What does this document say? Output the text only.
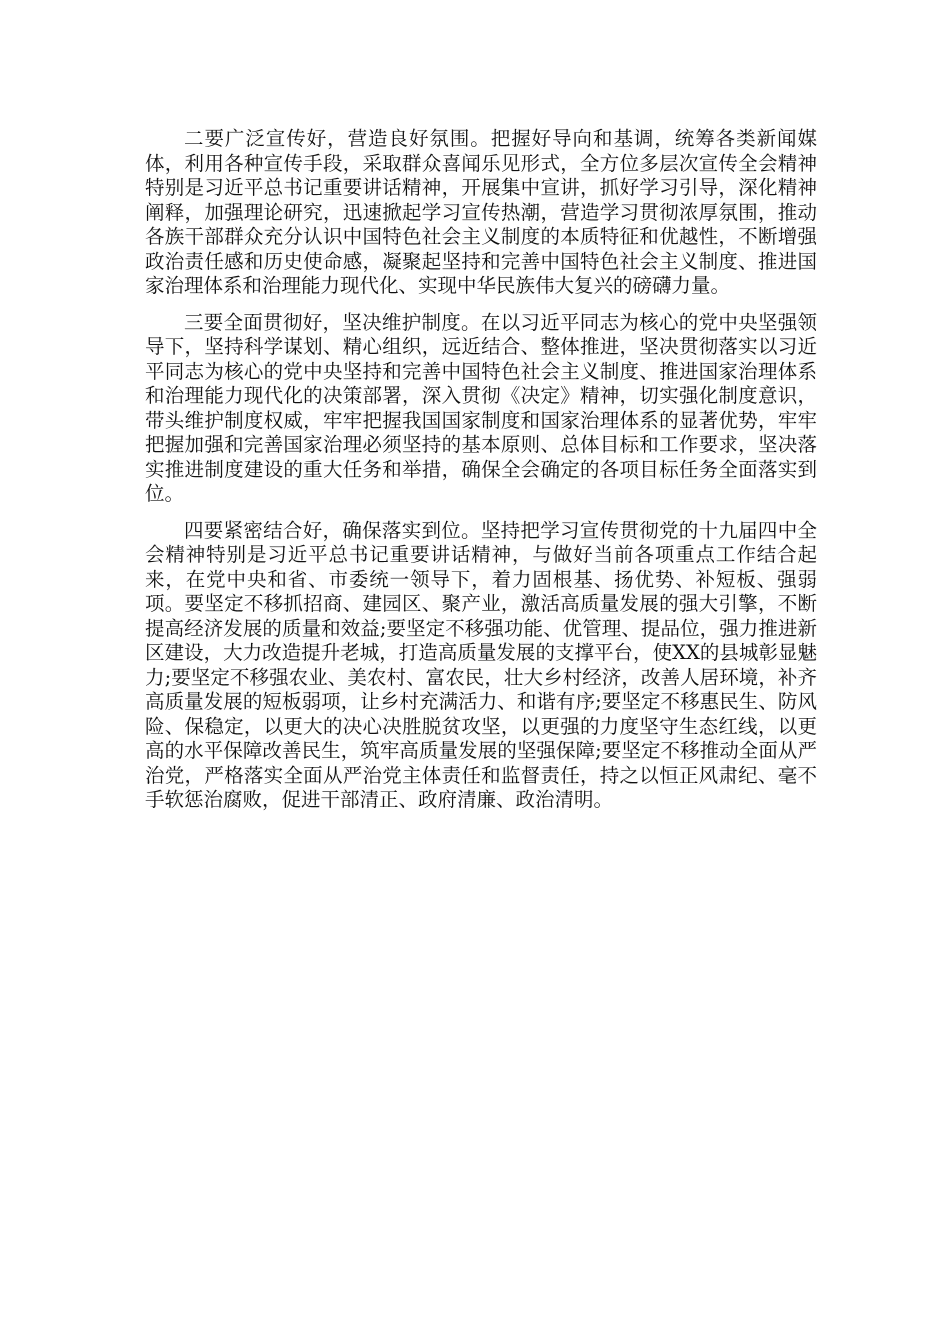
二要广泛宣传好，营造良好氛围。把握好导向和基调，统筹各类新闻媒体，利用各种宣传手段，采取群众喜闻乐见形式，全方位多层次宣传全会精神特别是习近平总书记重要讲话精神，开展集中宣讲，抓好学习引导，深化精神阐释，加强理论研究，迅速掀起学习宣传热潮，营造学习贯彻浓厚氛围，推动各族干部群众充分认识中国特色社会主义制度的本质特征和优越性，不断增强政治责任感和历史使命感，凝聚起坚持和完善中国特色社会主义制度、推进国家治理体系和治理能力现代化、实现中华民族伟大复兴的磅礴力量。

三要全面贯彻好，坚决维护制度。在以习近平同志为核心的党中央坚强领导下，坚持科学谋划、精心组织，远近结合、整体推进，坚决贯彻落实以习近平同志为核心的党中央坚持和完善中国特色社会主义制度、推进国家治理体系和治理能力现代化的决策部署，深入贯彻《决定》精神，切实强化制度意识，带头维护制度权威，牢牢把握我国国家制度和国家治理体系的显著优势，牢牢把握加强和完善国家治理必须坚持的基本原则、总体目标和工作要求，坚决落实推进制度建设的重大任务和举措，确保全会确定的各项目标任务全面落实到位。

四要紧密结合好，确保落实到位。坚持把学习宣传贯彻党的十九届四中全会精神特别是习近平总书记重要讲话精神，与做好当前各项重点工作结合起来，在党中央和省、市委统一领导下，着力固根基、扬优势、补短板、强弱项。要坚定不移抓招商、建园区、聚产业，激活高质量发展的强大引擎，不断提高经济发展的质量和效益;要坚定不移强功能、优管理、提品位，强力推进新区建设，大力改造提升老城，打造高质量发展的支撑平台，使XX的县城彰显魅力;要坚定不移强农业、美农村、富农民，壮大乡村经济，改善人居环境，补齐高质量发展的短板弱项，让乡村充满活力、和谐有序;要坚定不移惠民生、防风险、保稳定，以更大的决心决胜脱贫攻坚，以更强的力度坚守生态红线，以更高的水平保障改善民生，筑牢高质量发展的坚强保障;要坚定不移推动全面从严治党，严格落实全面从严治党主体责任和监督责任，持之以恒正风肃纪、毫不手软惩治腐败，促进干部清正、政府清廉、政治清明。
